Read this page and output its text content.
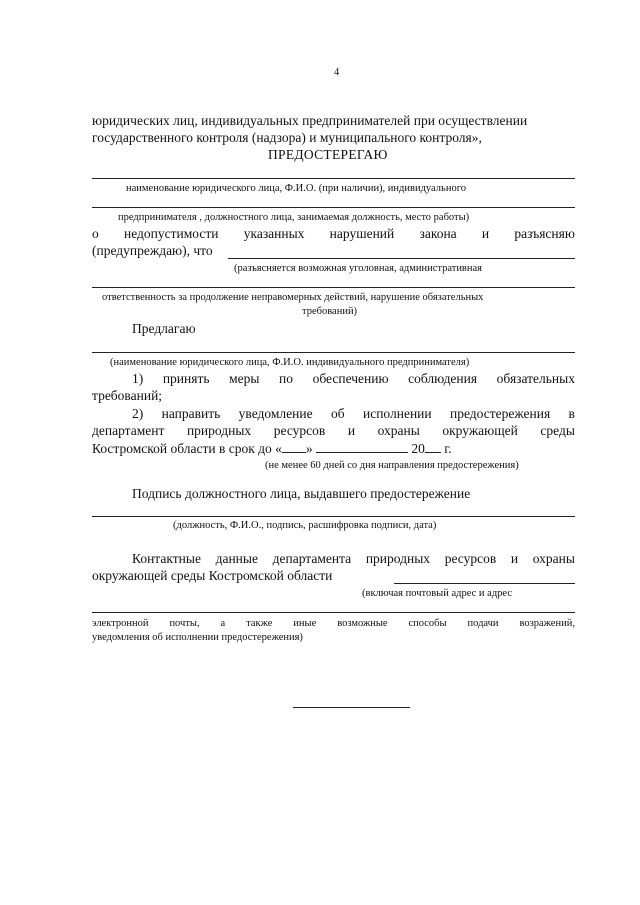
4
юридических лиц, индивидуальных предпринимателей при осуществлении
государственного контроля (надзора) и муниципального контроля»,
ПРЕДОСТЕРЕГАЮ
наименование юридического лица, Ф.И.О. (при наличии), индивидуального
предпринимателя , должностного лица, занимаемая должность, место работы)
о недопустимости указанных нарушений закона и разъясняю
(предупреждаю), что
(разъясняется возможная уголовная, административная
ответственность за продолжение неправомерных действий, нарушение обязательных
требований)
Предлагаю
(наименование юридического лица, Ф.И.О. индивидуального предпринимателя)
1) принять меры по обеспечению соблюдения обязательных
требований;
2) направить уведомление об исполнении предостережения в
департамент природных ресурсов и охраны окружающей среды
Костромской области в срок до « »	20 г.
(не менее 60 дней со дня направления предостережения)
Подпись должностного лица, выдавшего предостережение
(должность, Ф.И.О., подпись, расшифровка подписи, дата)
Контактные данные департамента природных ресурсов и охраны
окружающей среды Костромской области
(включая почтовый адрес и адрес
электронной почты, а также иные возможные способы подачи возражений,
уведомления об исполнении предостережения)
